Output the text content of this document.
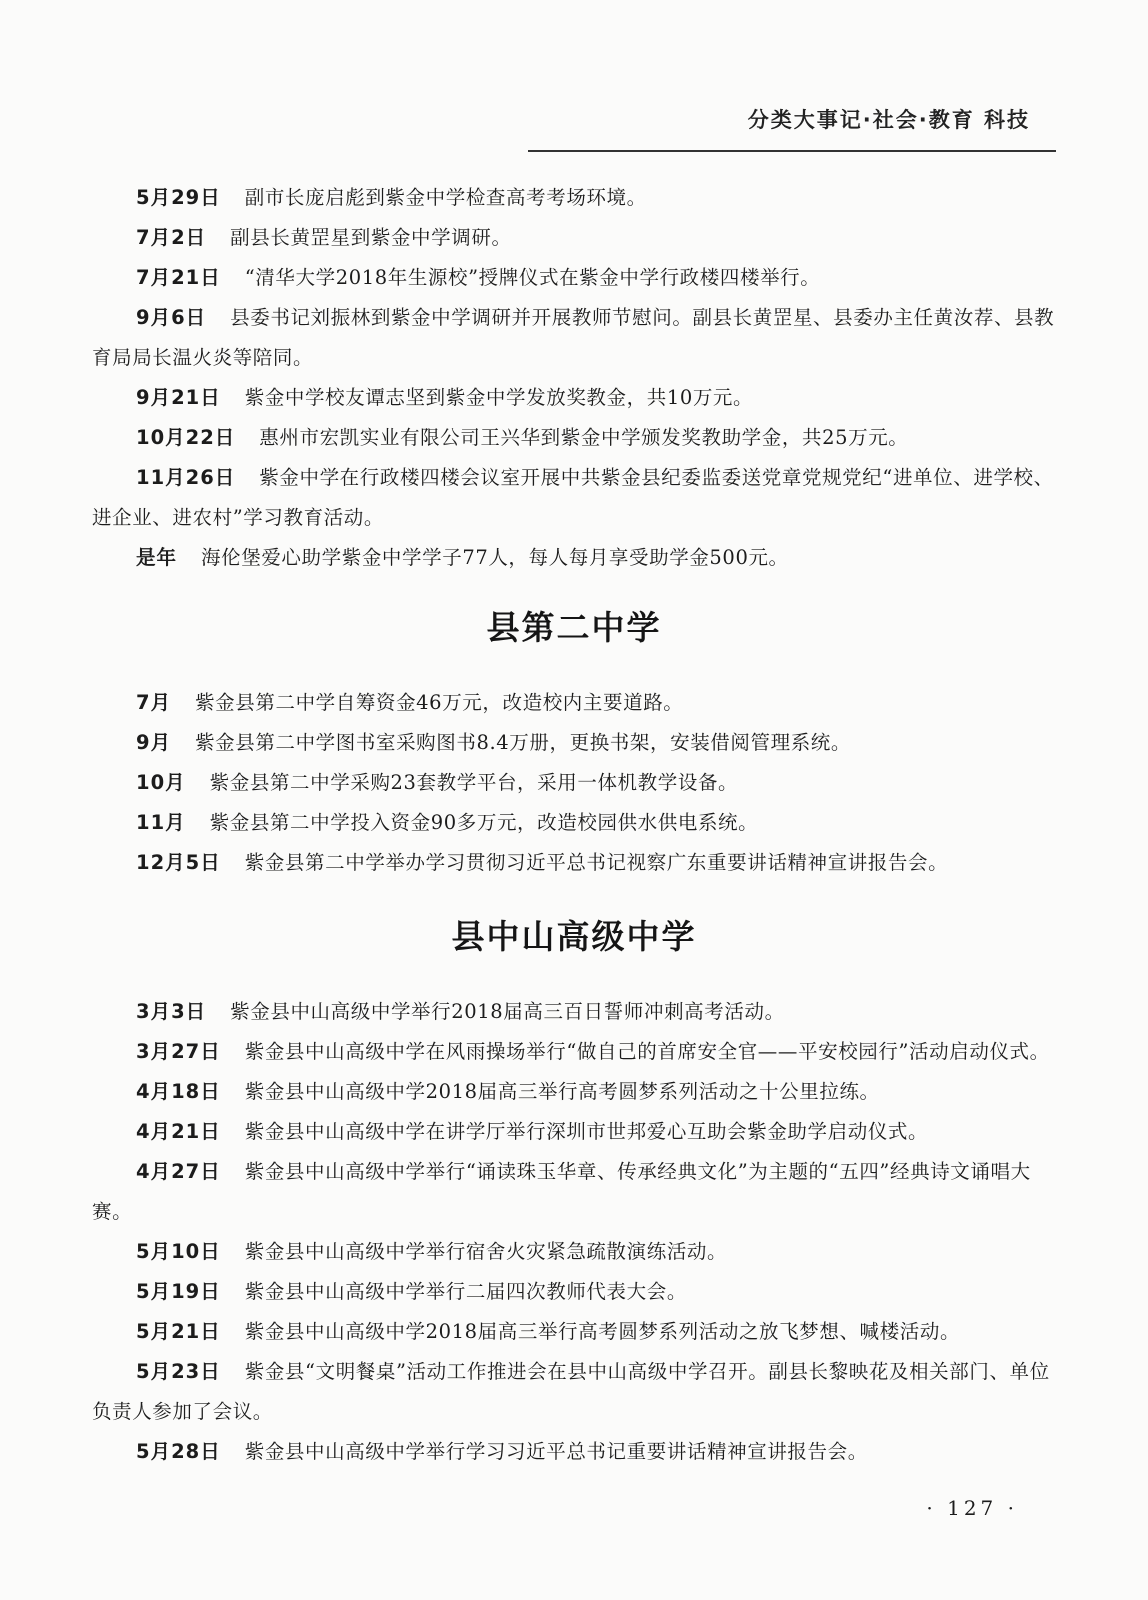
分类大事记·社会·教育 科技

5月29日 副市长庞启彪到紫金中学检查高考考场环境。

7月2日 副县长黄罡星到紫金中学调研。

7月21日 “清华大学2018年生源校”授牌仪式在紫金中学行政楼四楼举行。

9月6日 县委书记刘振林到紫金中学调研并开展教师节慰问。副县长黄罡星、县委办主任黄汝荐、县教育局局长温火炎等陪同。

9月21日 紫金中学校友谭志坚到紫金中学发放奖教金，共10万元。

10月22日 惠州市宏凯实业有限公司王兴华到紫金中学颁发奖教助学金，共25万元。

11月26日 紫金中学在行政楼四楼会议室开展中共紫金县纪委监委送党章党规党纪“进单位、进学校、进企业、进农村”学习教育活动。

是年 海伦堡爱心助学紫金中学学子77人，每人每月享受助学金500元。

县第二中学

7月 紫金县第二中学自筹资金46万元，改造校内主要道路。

9月 紫金县第二中学图书室采购图书8.4万册，更换书架，安装借阅管理系统。

10月 紫金县第二中学采购23套教学平台，采用一体机教学设备。

11月 紫金县第二中学投入资金90多万元，改造校园供水供电系统。

12月5日 紫金县第二中学举办学习贯彻习近平总书记视察广东重要讲话精神宣讲报告会。

县中山高级中学

3月3日 紫金县中山高级中学举行2018届高三百日誓师冲刺高考活动。

3月27日 紫金县中山高级中学在风雨操场举行“做自己的首席安全官——平安校园行”活动启动仪式。

4月18日 紫金县中山高级中学2018届高三举行高考圆梦系列活动之十公里拉练。

4月21日 紫金县中山高级中学在讲学厅举行深圳市世邦爱心互助会紫金助学启动仪式。

4月27日 紫金县中山高级中学举行“诵读珠玉华章、传承经典文化”为主题的“五四”经典诗文诵唱大赛。

5月10日 紫金县中山高级中学举行宿舍火灾紧急疏散演练活动。

5月19日 紫金县中山高级中学举行二届四次教师代表大会。

5月21日 紫金县中山高级中学2018届高三举行高考圆梦系列活动之放飞梦想、喊楼活动。

5月23日 紫金县“文明餐桌”活动工作推进会在县中山高级中学召开。副县长黎映花及相关部门、单位负责人参加了会议。

5月28日 紫金县中山高级中学举行学习习近平总书记重要讲话精神宣讲报告会。

· 127 ·
